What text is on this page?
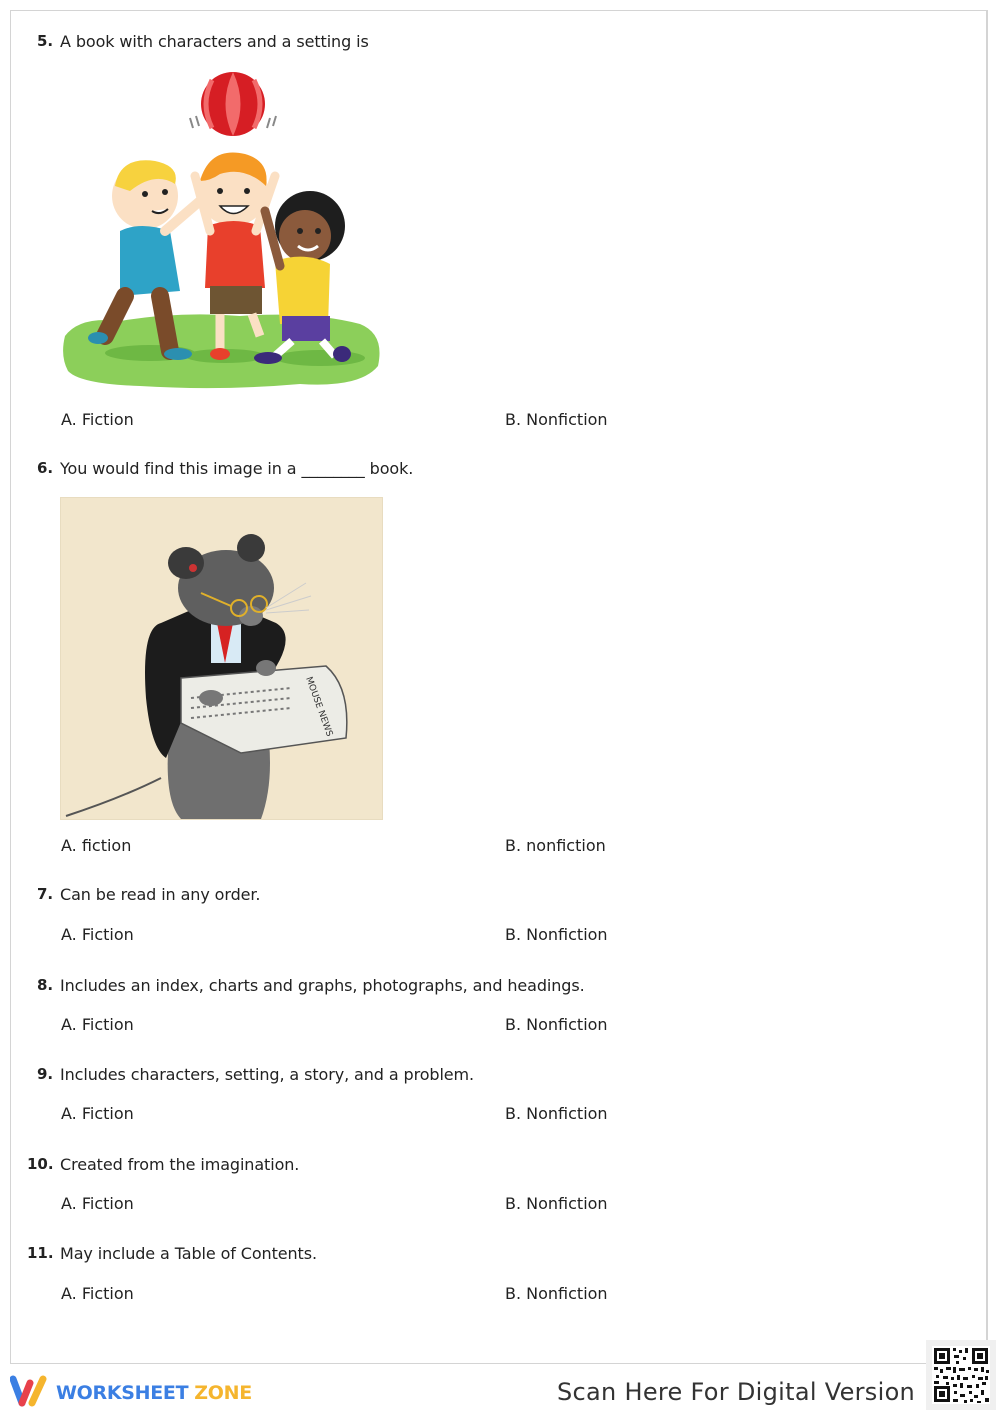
5. A book with characters and a setting is
A. Fiction	B. Nonfiction
6. You would find this image in a ________ book.
MOUSE NEWS
A. fiction	B. nonfiction
7. Can be read in any order.
A. Fiction	B. Nonfiction
8. Includes an index, charts and graphs, photographs, and headings.
A. Fiction	B. Nonfiction
9. Includes characters, setting, a story, and a problem.
A. Fiction	B. Nonfiction
10. Created from the imagination.
A. Fiction	B. Nonfiction
11. May include a Table of Contents.
A. Fiction	B. Nonfiction
WORKSHEET ZONE	Scan Here For Digital Version
